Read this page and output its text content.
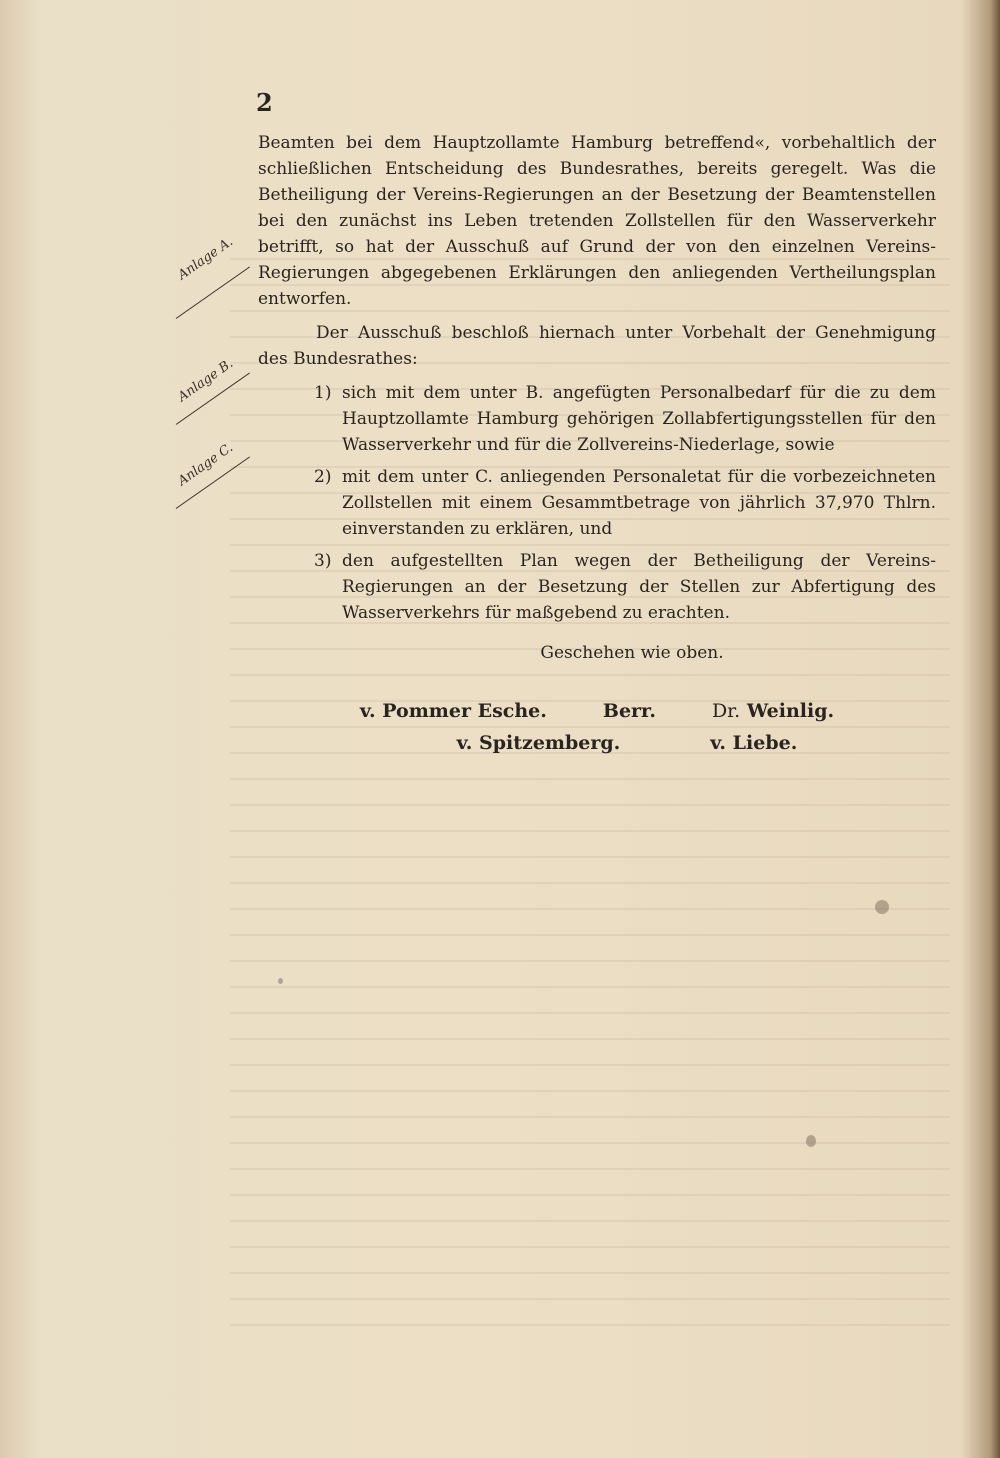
2
Anlage A.
Anlage B.
Anlage C.

Beamten bei dem Hauptzollamte Hamburg betreffend«, vorbehaltlich der schließlichen Entscheidung des Bundesrathes, bereits geregelt. Was die Betheiligung der Vereins-Regierungen an der Besetzung der Beamtenstellen bei den zunächst ins Leben tretenden Zollstellen für den Wasserverkehr betrifft, so hat der Ausschuß auf Grund der von den einzelnen Vereins-Regierungen abgegebenen Erklärungen den anliegenden Vertheilungsplan entworfen.

Der Ausschuß beschloß hiernach unter Vorbehalt der Genehmigung des Bundesrathes:

1) sich mit dem unter B. angefügten Personalbedarf für die zu dem Hauptzollamte Hamburg gehörigen Zollabfertigungsstellen für den Wasserverkehr und für die Zollvereins-Niederlage, sowie
2) mit dem unter C. anliegenden Personaletat für die vorbezeichneten Zollstellen mit einem Gesammtbetrage von jährlich 37,970 Thlrn. einverstanden zu erklären, und
3) den aufgestellten Plan wegen der Betheiligung der Vereins-Regierungen an der Besetzung der Stellen zur Abfertigung des Wasserverkehrs für maßgebend zu erachten.
Geschehen wie oben.
v. Pommer Esche.	Berr.	Dr. Weinlig.
v. Spitzemberg.	v. Liebe.
